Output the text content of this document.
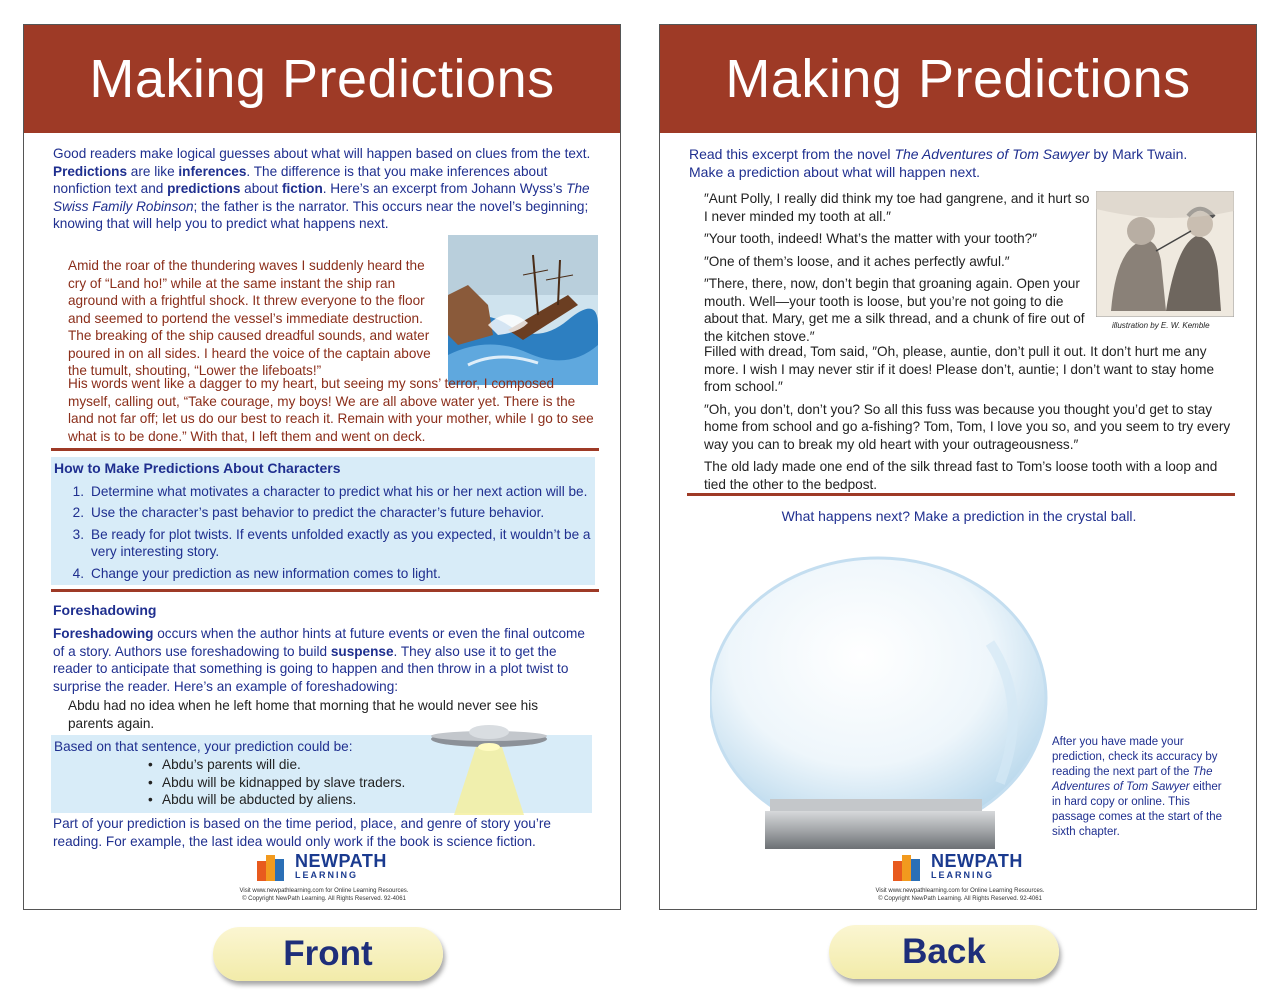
Making Predictions
Good readers make logical guesses about what will happen based on clues from the text. Predictions are like inferences. The difference is that you make inferences about nonfiction text and predictions about fiction. Here’s an excerpt from Johann Wyss’s The Swiss Family Robinson; the father is the narrator. This occurs near the novel’s beginning; knowing that will help you to predict what happens next.
Amid the roar of the thundering waves I suddenly heard the cry of “Land ho!” while at the same instant the ship ran aground with a frightful shock. It threw everyone to the floor and seemed to portend the vessel’s immediate destruction. The breaking of the ship caused dreadful sounds, and water poured in on all sides. I heard the voice of the captain above the tumult, shouting, “Lower the lifeboats!”
His words went like a dagger to my heart, but seeing my sons’ terror, I composed myself, calling out, “Take courage, my boys! We are all above water yet. There is the land not far off; let us do our best to reach it. Remain with your mother, while I go to see what is to be done.” With that, I left them and went on deck.
How to Make Predictions About Characters
1. Determine what motivates a character to predict what his or her next action will be.
2. Use the character’s past behavior to predict the character’s future behavior.
3. Be ready for plot twists. If events unfolded exactly as you expected, it wouldn’t be a very interesting story.
4. Change your prediction as new information comes to light.
Foreshadowing
Foreshadowing occurs when the author hints at future events or even the final outcome of a story. Authors use foreshadowing to build suspense. They also use it to get the reader to anticipate that something is going to happen and then throw in a plot twist to surprise the reader. Here’s an example of foreshadowing:
Abdu had no idea when he left home that morning that he would never see his parents again.
Based on that sentence, your prediction could be:
• Abdu’s parents will die.
• Abdu will be kidnapped by slave traders.
• Abdu will be abducted by aliens.
Part of your prediction is based on the time period, place, and genre of story you’re reading. For example, the last idea would only work if the book is science fiction.
NEWPATH
LEARNING
Visit www.newpathlearning.com for Online Learning Resources.
© Copyright NewPath Learning. All Rights Reserved. 92-4061
Making Predictions
Read this excerpt from the novel The Adventures of Tom Sawyer by Mark Twain. Make a prediction about what will happen next.
″Aunt Polly, I really did think my toe had gangrene, and it hurt so I never minded my tooth at all.″
″Your tooth, indeed! What’s the matter with your tooth?″
″One of them’s loose, and it aches perfectly awful.″
″There, there, now, don’t begin that groaning again. Open your mouth. Well—your tooth is loose, but you’re not going to die about that. Mary, get me a silk thread, and a chunk of fire out of the kitchen stove.″
illustration by E. W. Kemble
Filled with dread, Tom said, ″Oh, please, auntie, don’t pull it out. It don’t hurt me any more. I wish I may never stir if it does! Please don’t, auntie; I don’t want to stay home from school.″
″Oh, you don’t, don’t you? So all this fuss was because you thought you’d get to stay home from school and go a-fishing? Tom, Tom, I love you so, and you seem to try every way you can to break my old heart with your outrageousness.″
The old lady made one end of the silk thread fast to Tom’s loose tooth with a loop and tied the other to the bedpost.
What happens next? Make a prediction in the crystal ball.
After you have made your prediction, check its accuracy by reading the next part of the The Adventures of Tom Sawyer either in hard copy or online. This passage comes at the start of the sixth chapter.
NEWPATH
LEARNING
Visit www.newpathlearning.com for Online Learning Resources.
© Copyright NewPath Learning. All Rights Reserved. 92-4061
Front	Back
